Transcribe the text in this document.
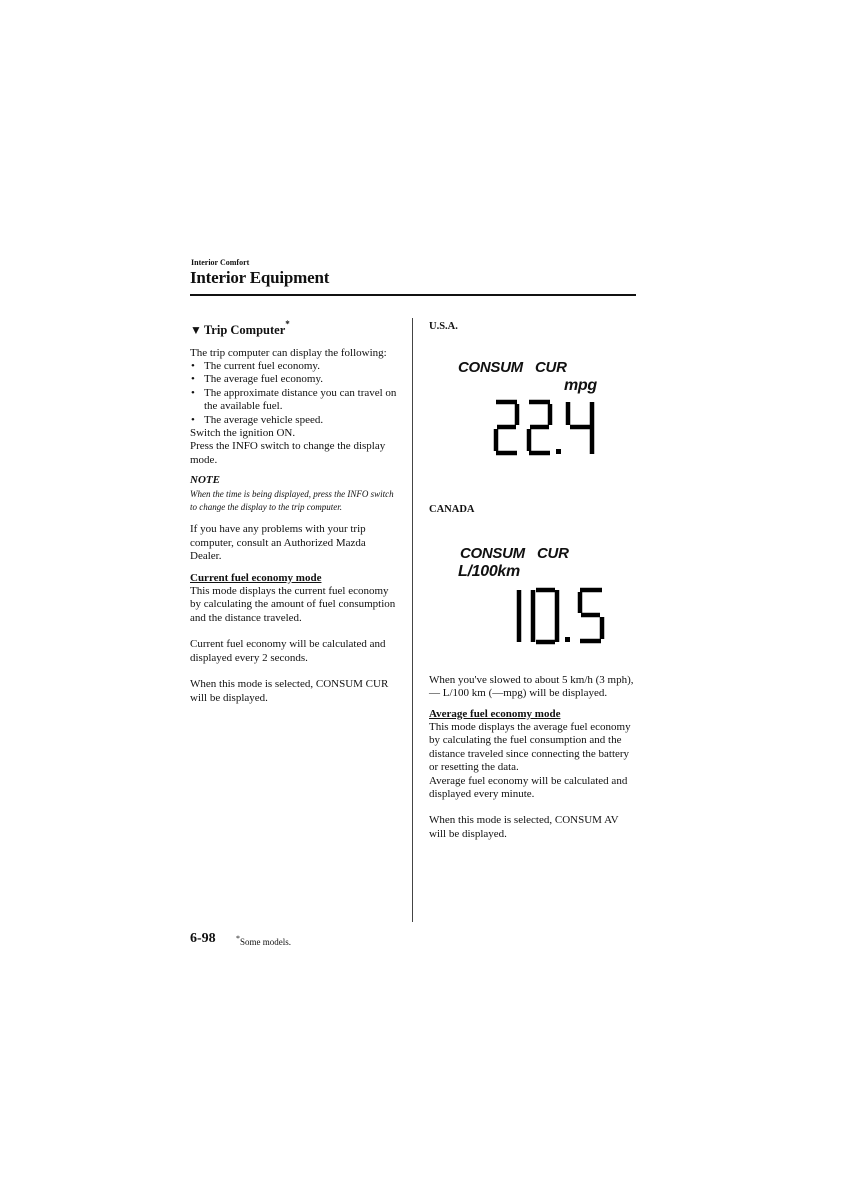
Interior Comfort
Interior Equipment
▼ Trip Computer*

The trip computer can display the following:

• The current fuel economy.
• The average fuel economy.
• The approximate distance you can travel on the available fuel.
• The average vehicle speed.

Switch the ignition ON.

Press the INFO switch to change the display mode.

NOTE

When the time is being displayed, press the INFO switch to change the display to the trip computer.

If you have any problems with your trip computer, consult an Authorized Mazda Dealer.

Current fuel economy mode

This mode displays the current fuel economy by calculating the amount of fuel consumption and the distance traveled.

Current fuel economy will be calculated and displayed every 2 seconds.

When this mode is selected, CONSUM CUR will be displayed.

U.S.A.
CONSUM CUR
mpg
CANADA
CONSUM CUR
L/100km

When you've slowed to about 5 km/h (3 mph), — L/100 km (—mpg) will be displayed.

Average fuel economy mode

This mode displays the average fuel economy by calculating the fuel consumption and the distance traveled since connecting the battery or resetting the data.

Average fuel economy will be calculated and displayed every minute.

When this mode is selected, CONSUM AV will be displayed.

6-98	*Some models.
